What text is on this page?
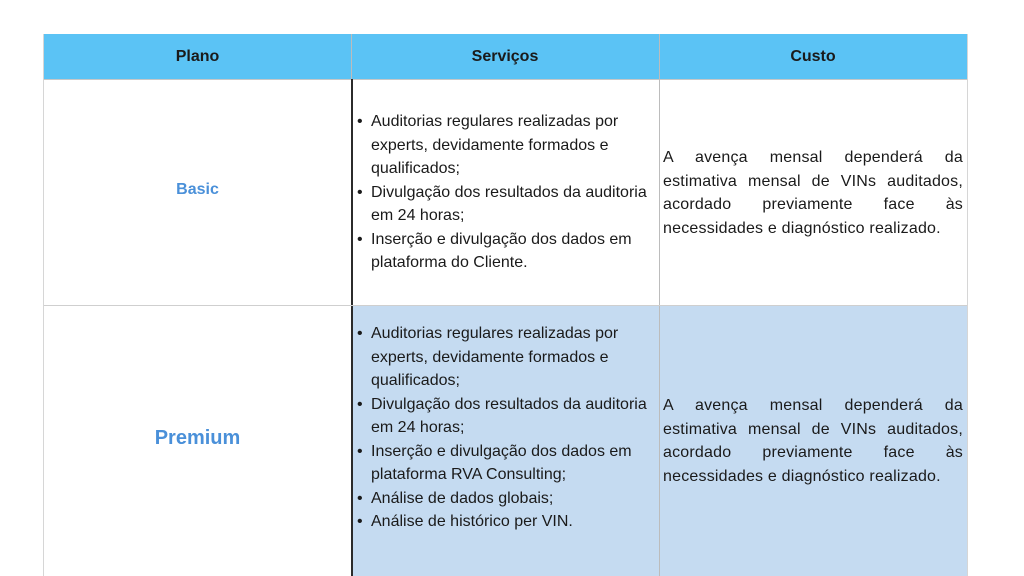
Plano	Serviços	Custo
Basic
• Auditorias regulares realizadas por experts, devidamente formados e qualificados;
• Divulgação dos resultados da auditoria em 24 horas;
• Inserção e divulgação dos dados em plataforma do Cliente.
A avença mensal dependerá da estimativa mensal de VINs auditados, acordado previamente face às necessidades e diagnóstico realizado.
Premium
• Auditorias regulares realizadas por experts, devidamente formados e qualificados;
• Divulgação dos resultados da auditoria em 24 horas;
• Inserção e divulgação dos dados em plataforma RVA Consulting;
• Análise de dados globais;
• Análise de histórico per VIN.
A avença mensal dependerá da estimativa mensal de VINs auditados, acordado previamente face às necessidades e diagnóstico realizado.
